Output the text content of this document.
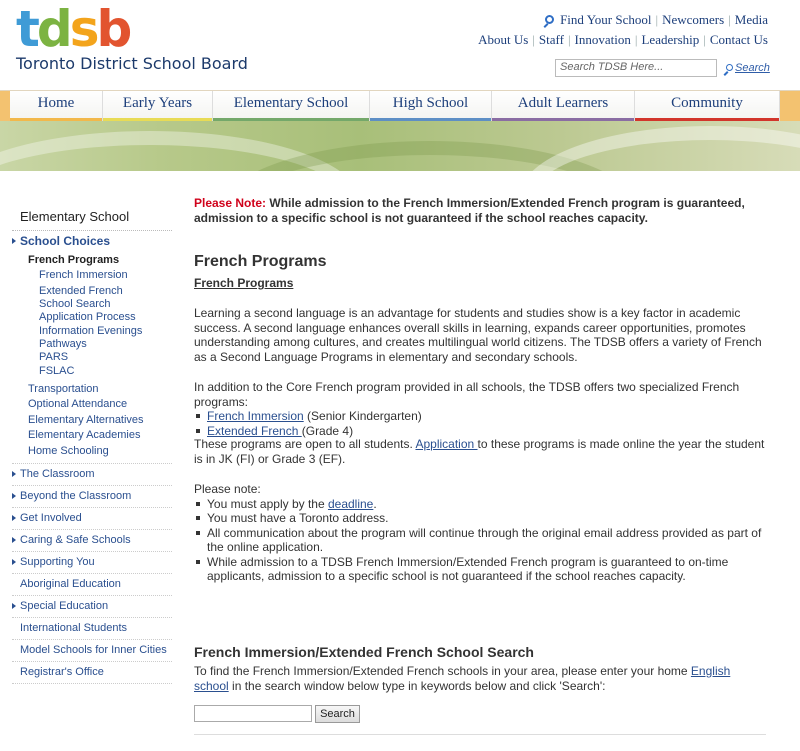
tdsb
Toronto District School Board
Find Your School | Newcomers | Media
About Us | Staff | Innovation | Leadership | Contact Us
Search TDSB Here...	Search
Home	Early Years	Elementary School	High School	Adult Learners	Community
Elementary School
School Choices
French Programs
French Immersion
Extended French
School Search
Application Process
Information Evenings
Pathways
PARS
FSLAC
Transportation
Optional Attendance
Elementary Alternatives
Elementary Academies
Home Schooling
The Classroom
Beyond the Classroom
Get Involved
Caring & Safe Schools
Supporting You
Aboriginal Education
Special Education
International Students
Model Schools for Inner Cities
Registrar's Office
Please Note: While admission to the French Immersion/Extended French program is guaranteed, admission to a specific school is not guaranteed if the school reaches capacity.
French Programs
French Programs
Learning a second language is an advantage for students and studies show is a key factor in academic success. A second language enhances overall skills in learning, expands career opportunities, promotes understanding among cultures, and creates multilingual world citizens. The TDSB offers a variety of French as a Second Language Programs in elementary and secondary schools.
In addition to the Core French program provided in all schools, the TDSB offers two specialized French programs:
French Immersion (Senior Kindergarten)
Extended French (Grade 4)
These programs are open to all students. Application to these programs is made online the year the student is in JK (FI) or Grade 3 (EF).
Please note:
You must apply by the deadline.
You must have a Toronto address.
All communication about the program will continue through the original email address provided as part of the online application.
While admission to a TDSB French Immersion/Extended French program is guaranteed to on-time applicants, admission to a specific school is not guaranteed if the school reaches capacity.
French Immersion/Extended French School Search
To find the French Immersion/Extended French schools in your area, please enter your home English school in the search window below type in keywords below and click 'Search':
Search
